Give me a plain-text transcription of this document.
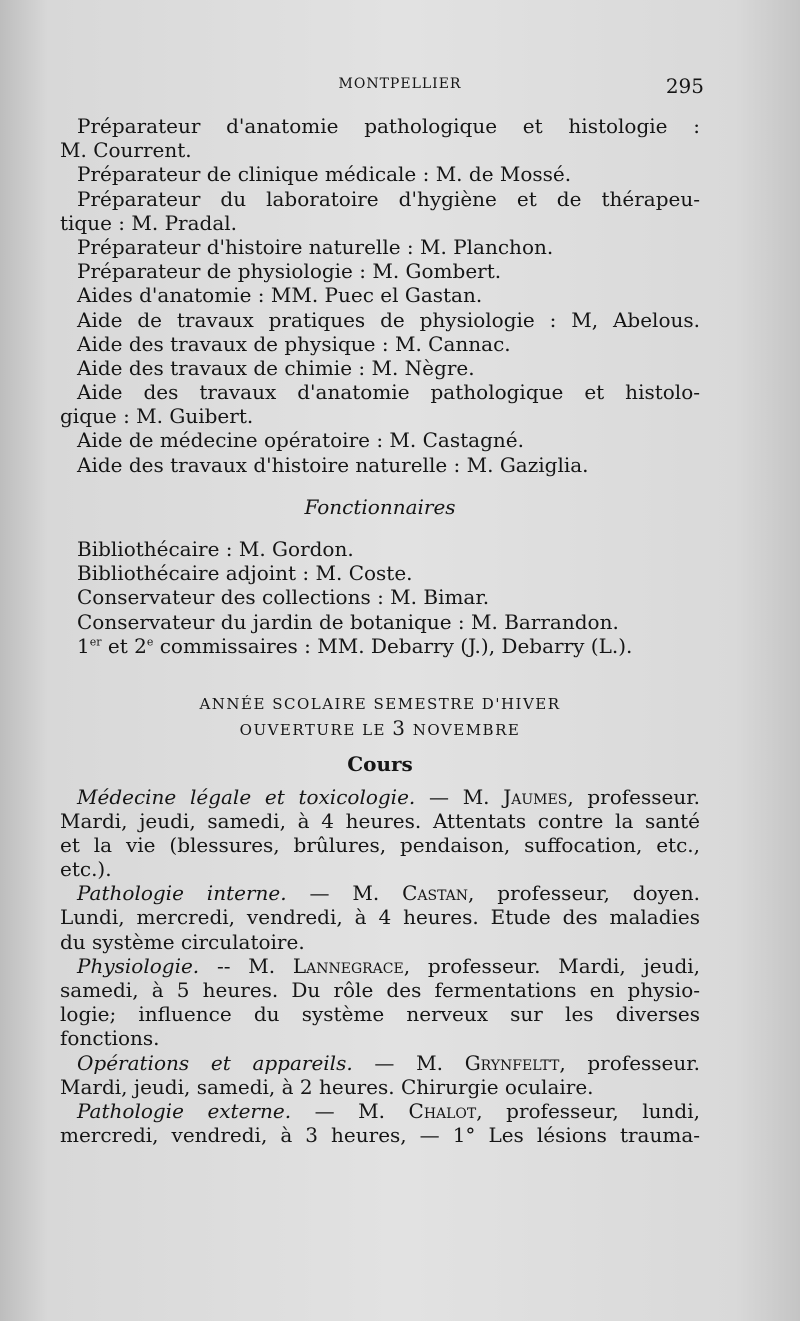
MONTPELLIER	295
Préparateur d'anatomie pathologique et histologie :
M. Courrent.
Préparateur de clinique médicale : M. de Mossé.
Préparateur du laboratoire d'hygiène et de thérapeu-
tique : M. Pradal.
Préparateur d'histoire naturelle : M. Planchon.
Préparateur de physiologie : M. Gombert.
Aides d'anatomie : MM. Puec el Gastan.
Aide de travaux pratiques de physiologie : M, Abelous.
Aide des travaux de physique : M. Cannac.
Aide des travaux de chimie : M. Nègre.
Aide des travaux d'anatomie pathologique et histolo-
gique : M. Guibert.
Aide de médecine opératoire : M. Castagné.
Aide des travaux d'histoire naturelle : M. Gaziglia.
Fonctionnaires
Bibliothécaire : M. Gordon.
Bibliothécaire adjoint : M. Coste.
Conservateur des collections : M. Bimar.
Conservateur du jardin de botanique : M. Barrandon.
1er et 2e commissaires : MM. Debarry (J.), Debarry (L.).
ANNÉE SCOLAIRE SEMESTRE D'HIVER
OUVERTURE LE 3 NOVEMBRE
Cours
Médecine légale et toxicologie. — M. Jaumes, professeur.
Mardi, jeudi, samedi, à 4 heures. Attentats contre la santé
et la vie (blessures, brûlures, pendaison, suffocation, etc.,
etc.).
Pathologie interne. — M. Castan, professeur, doyen.
Lundi, mercredi, vendredi, à 4 heures. Etude des maladies
du système circulatoire.
Physiologie. -- M. Lannegrace, professeur. Mardi, jeudi,
samedi, à 5 heures. Du rôle des fermentations en physio-
logie; influence du système nerveux sur les diverses
fonctions.
Opérations et appareils. — M. Grynfeltt, professeur.
Mardi, jeudi, samedi, à 2 heures. Chirurgie oculaire.
Pathologie externe. — M. Chalot, professeur, lundi,
mercredi, vendredi, à 3 heures, — 1° Les lésions trauma-
